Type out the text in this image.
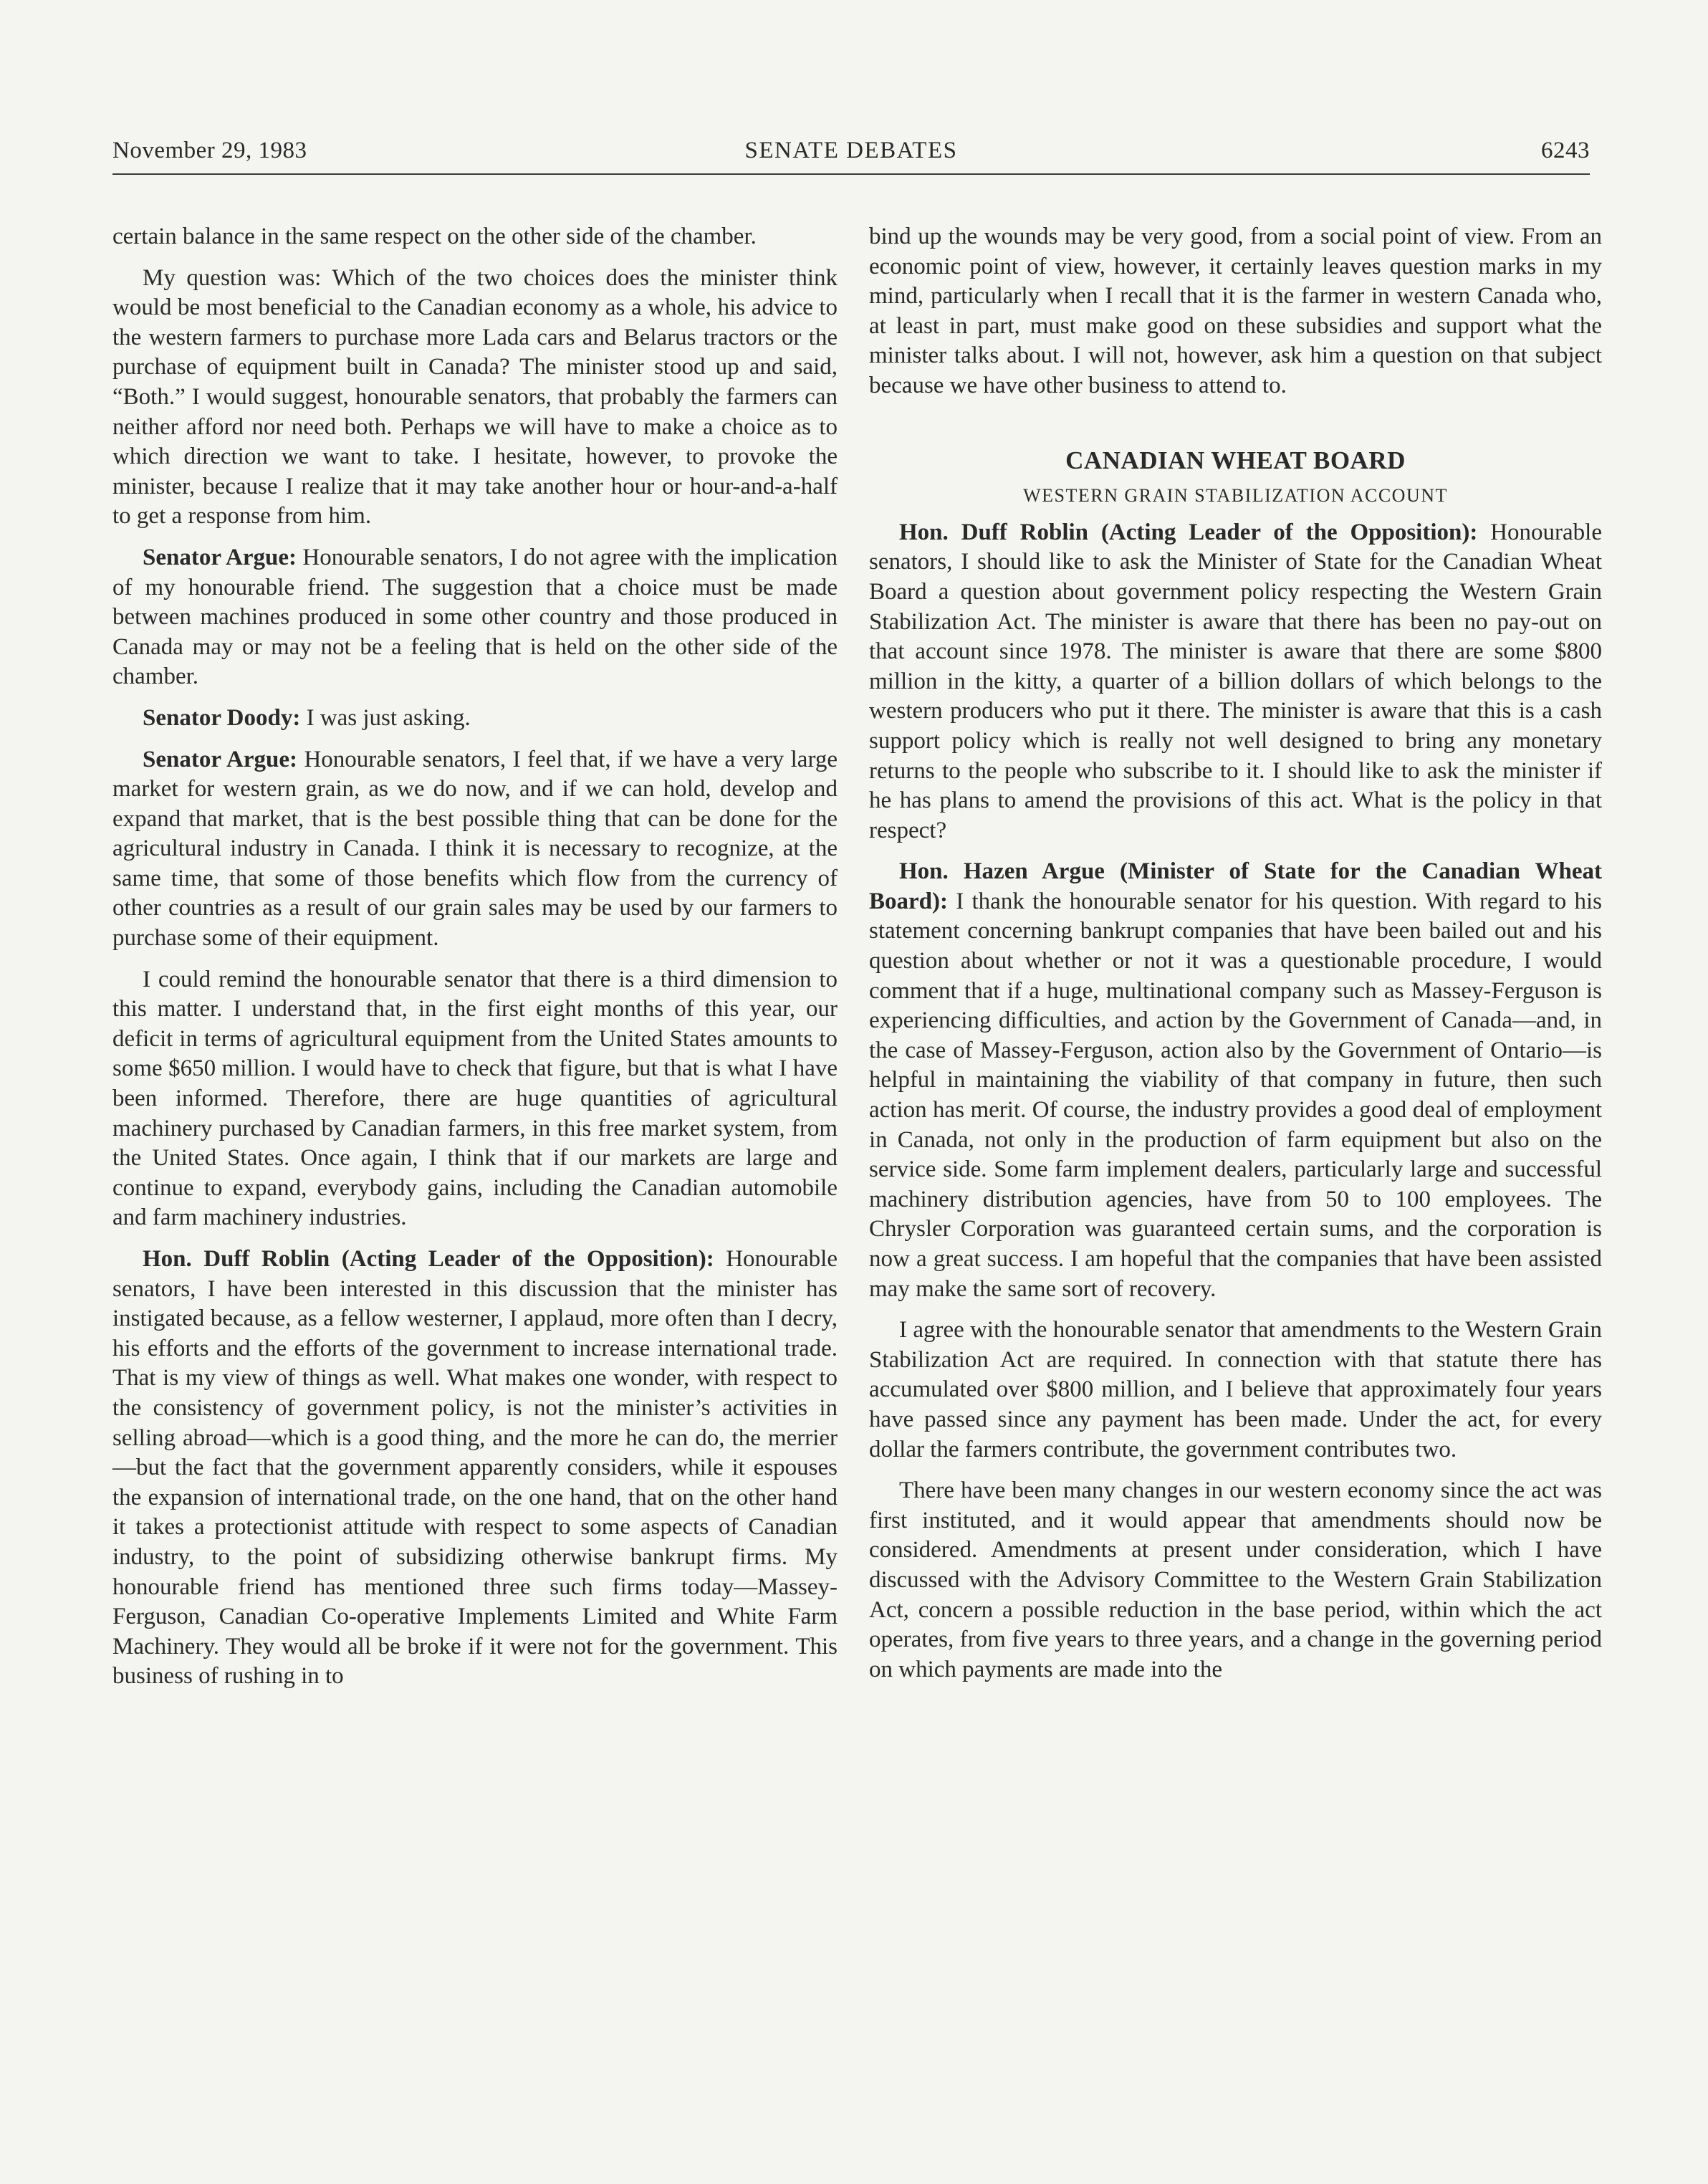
November 29, 1983	SENATE DEBATES	6243

certain balance in the same respect on the other side of the chamber.

My question was: Which of the two choices does the minister think would be most beneficial to the Canadian economy as a whole, his advice to the western farmers to purchase more Lada cars and Belarus tractors or the purchase of equipment built in Canada? The minister stood up and said, “Both.” I would suggest, honourable senators, that probably the farmers can neither afford nor need both. Perhaps we will have to make a choice as to which direction we want to take. I hesitate, however, to provoke the minister, because I realize that it may take another hour or hour-and-a-half to get a response from him.

Senator Argue: Honourable senators, I do not agree with the implication of my honourable friend. The suggestion that a choice must be made between machines produced in some other country and those produced in Canada may or may not be a feeling that is held on the other side of the chamber.

Senator Doody: I was just asking.

Senator Argue: Honourable senators, I feel that, if we have a very large market for western grain, as we do now, and if we can hold, develop and expand that market, that is the best possible thing that can be done for the agricultural industry in Canada. I think it is necessary to recognize, at the same time, that some of those benefits which flow from the currency of other countries as a result of our grain sales may be used by our farmers to purchase some of their equipment.

I could remind the honourable senator that there is a third dimension to this matter. I understand that, in the first eight months of this year, our deficit in terms of agricultural equipment from the United States amounts to some $650 million. I would have to check that figure, but that is what I have been informed. Therefore, there are huge quantities of agricultural machinery purchased by Canadian farmers, in this free market system, from the United States. Once again, I think that if our markets are large and continue to expand, everybody gains, including the Canadian automobile and farm machinery industries.

Hon. Duff Roblin (Acting Leader of the Opposition): Honourable senators, I have been interested in this discussion that the minister has instigated because, as a fellow westerner, I applaud, more often than I decry, his efforts and the efforts of the government to increase international trade. That is my view of things as well. What makes one wonder, with respect to the consistency of government policy, is not the minister’s activities in selling abroad—which is a good thing, and the more he can do, the merrier—but the fact that the government apparently considers, while it espouses the expansion of international trade, on the one hand, that on the other hand it takes a protectionist attitude with respect to some aspects of Canadian industry, to the point of subsidizing otherwise bankrupt firms. My honourable friend has mentioned three such firms today—Massey-Ferguson, Canadian Co-operative Implements Limited and White Farm Machinery. They would all be broke if it were not for the government. This business of rushing in to

bind up the wounds may be very good, from a social point of view. From an economic point of view, however, it certainly leaves question marks in my mind, particularly when I recall that it is the farmer in western Canada who, at least in part, must make good on these subsidies and support what the minister talks about. I will not, however, ask him a question on that subject because we have other business to attend to.

CANADIAN WHEAT BOARD
WESTERN GRAIN STABILIZATION ACCOUNT

Hon. Duff Roblin (Acting Leader of the Opposition): Honourable senators, I should like to ask the Minister of State for the Canadian Wheat Board a question about government policy respecting the Western Grain Stabilization Act. The minister is aware that there has been no pay-out on that account since 1978. The minister is aware that there are some $800 million in the kitty, a quarter of a billion dollars of which belongs to the western producers who put it there. The minister is aware that this is a cash support policy which is really not well designed to bring any monetary returns to the people who subscribe to it. I should like to ask the minister if he has plans to amend the provisions of this act. What is the policy in that respect?

Hon. Hazen Argue (Minister of State for the Canadian Wheat Board): I thank the honourable senator for his question. With regard to his statement concerning bankrupt companies that have been bailed out and his question about whether or not it was a questionable procedure, I would comment that if a huge, multinational company such as Massey-Ferguson is experiencing difficulties, and action by the Government of Canada—and, in the case of Massey-Ferguson, action also by the Government of Ontario—is helpful in maintaining the viability of that company in future, then such action has merit. Of course, the industry provides a good deal of employment in Canada, not only in the production of farm equipment but also on the service side. Some farm implement dealers, particularly large and successful machinery distribution agencies, have from 50 to 100 employees. The Chrysler Corporation was guaranteed certain sums, and the corporation is now a great success. I am hopeful that the companies that have been assisted may make the same sort of recovery.

I agree with the honourable senator that amendments to the Western Grain Stabilization Act are required. In connection with that statute there has accumulated over $800 million, and I believe that approximately four years have passed since any payment has been made. Under the act, for every dollar the farmers contribute, the government contributes two.

There have been many changes in our western economy since the act was first instituted, and it would appear that amendments should now be considered. Amendments at present under consideration, which I have discussed with the Advisory Committee to the Western Grain Stabilization Act, concern a possible reduction in the base period, within which the act operates, from five years to three years, and a change in the governing period on which payments are made into the
